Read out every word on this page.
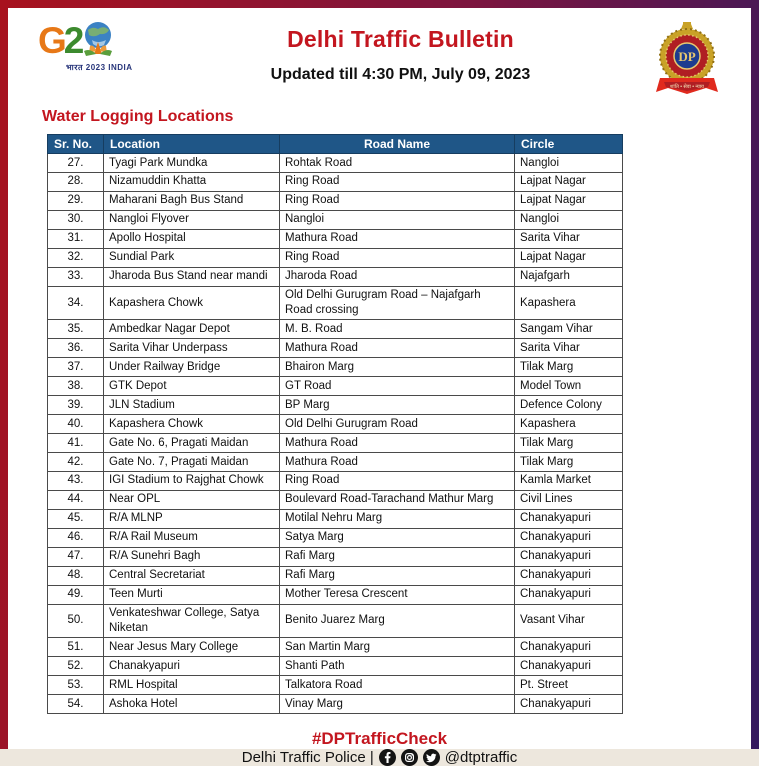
G 2
भारत 2023 INDIA
Delhi Traffic Bulletin
Updated till 4:30 PM, July 09, 2023
DP
शांति • सेवा • न्याय
Water Logging Locations
Sr. No.	Location	Road Name	Circle
27.	Tyagi Park Mundka	Rohtak Road	Nangloi
28.	Nizamuddin Khatta	Ring Road	Lajpat Nagar
29.	Maharani Bagh Bus Stand	Ring Road	Lajpat Nagar
30.	Nangloi Flyover	Nangloi	Nangloi
31.	Apollo Hospital	Mathura Road	Sarita Vihar
32.	Sundial Park	Ring Road	Lajpat Nagar
33.	Jharoda Bus Stand near mandi	Jharoda Road	Najafgarh
34.	Kapashera Chowk	Old Delhi Gurugram Road – Najafgarh Road crossing	Kapashera
35.	Ambedkar Nagar Depot	M. B. Road	Sangam Vihar
36.	Sarita Vihar Underpass	Mathura Road	Sarita Vihar
37.	Under Railway Bridge	Bhairon Marg	Tilak Marg
38.	GTK Depot	GT Road	Model Town
39.	JLN Stadium	BP Marg	Defence Colony
40.	Kapashera Chowk	Old Delhi Gurugram Road	Kapashera
41.	Gate No. 6, Pragati Maidan	Mathura Road	Tilak Marg
42.	Gate No. 7, Pragati Maidan	Mathura Road	Tilak Marg
43.	IGI Stadium to Rajghat Chowk	Ring Road	Kamla Market
44.	Near OPL	Boulevard Road-Tarachand Mathur Marg	Civil Lines
45.	R/A MLNP	Motilal Nehru Marg	Chanakyapuri
46.	R/A Rail Museum	Satya Marg	Chanakyapuri
47.	R/A Sunehri Bagh	Rafi Marg	Chanakyapuri
48.	Central Secretariat	Rafi Marg	Chanakyapuri
49.	Teen Murti	Mother Teresa Crescent	Chanakyapuri
50.	Venkateshwar College, Satya Niketan	Benito Juarez Marg	Vasant Vihar
51.	Near Jesus Mary College	San Martin Marg	Chanakyapuri
52.	Chanakyapuri	Shanti Path	Chanakyapuri
53.	RML Hospital	Talkatora Road	Pt. Street
54.	Ashoka Hotel	Vinay Marg	Chanakyapuri
#DPTrafficCheck
Delhi Traffic Police |	@dtptraffic
